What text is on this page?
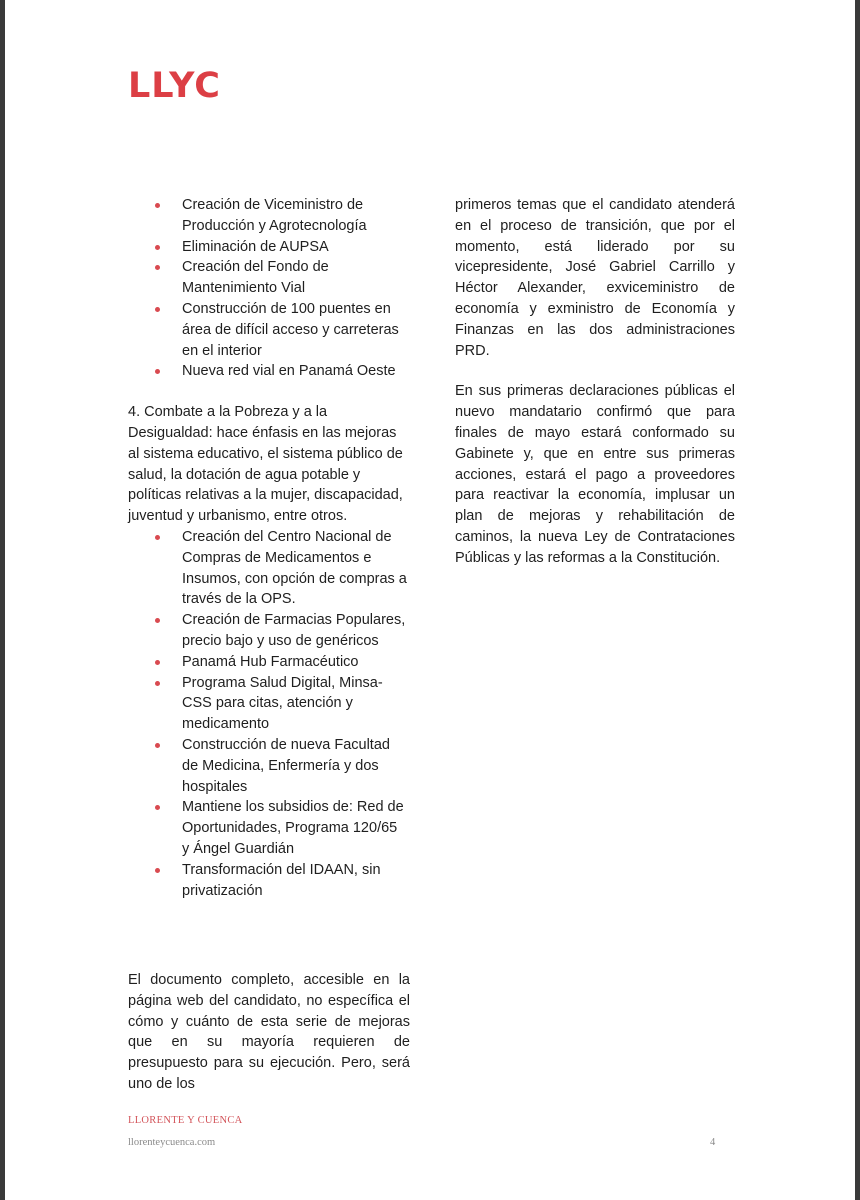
LLYC
Creación de Viceministro de Producción y Agrotecnología
Eliminación de AUPSA
Creación del Fondo de Mantenimiento Vial
Construcción de 100 puentes en área de difícil acceso y carreteras en el interior
Nueva red vial en Panamá Oeste

4. Combate a la Pobreza y a la Desigualdad: hace énfasis en las mejoras al sistema educativo, el sistema público de salud, la dotación de agua potable y políticas relativas a la mujer, discapacidad, juventud y urbanismo, entre otros.

Creación del Centro Nacional de Compras de Medicamentos e Insumos, con opción de compras a través de la OPS.
Creación de Farmacias Populares, precio bajo y uso de genéricos
Panamá Hub Farmacéutico
Programa Salud Digital, Minsa-CSS para citas, atención y medicamento
Construcción de nueva Facultad de Medicina, Enfermería y dos hospitales
Mantiene los subsidios de: Red de Oportunidades, Programa 120/65 y Ángel Guardián
Transformación del IDAAN, sin privatización

El documento completo, accesible en la página web del candidato, no específica el cómo y cuánto de esta serie de mejoras que en su mayoría requieren de presupuesto para su ejecución. Pero, será uno de los

primeros temas que el candidato atenderá en el proceso de transición, que por el momento, está liderado por su vicepresidente, José Gabriel Carrillo y Héctor Alexander, exviceministro de economía y exministro de Economía y Finanzas en las dos administraciones PRD.

En sus primeras declaraciones públicas el nuevo mandatario confirmó que para finales de mayo estará conformado su Gabinete y, que en entre sus primeras acciones, estará el pago a proveedores para reactivar la economía, implusar un plan de mejoras y rehabilitación de caminos, la nueva Ley de Contrataciones Públicas y las reformas a la Constitución.

LLORENTE Y CUENCA
llorenteycuenca.com	4
